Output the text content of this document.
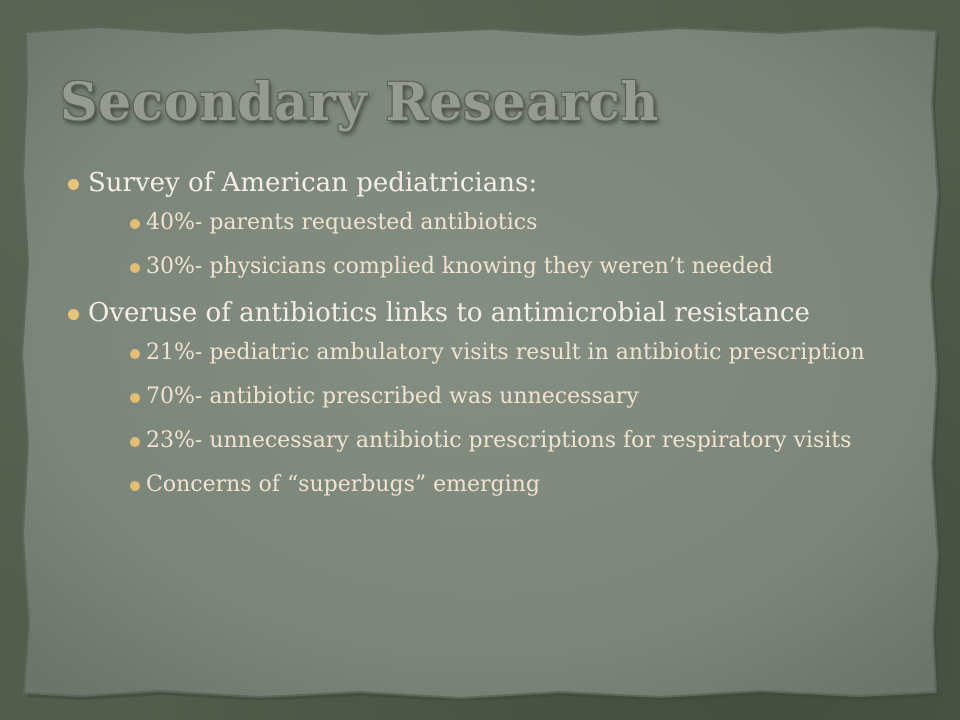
Secondary Research
Survey of American pediatricians:
40%- parents requested antibiotics
30%- physicians complied knowing they weren’t needed
Overuse of antibiotics links to antimicrobial resistance
21%- pediatric ambulatory visits result in antibiotic prescription
70%- antibiotic prescribed was unnecessary
23%- unnecessary antibiotic prescriptions for respiratory visits
Concerns of “superbugs” emerging
